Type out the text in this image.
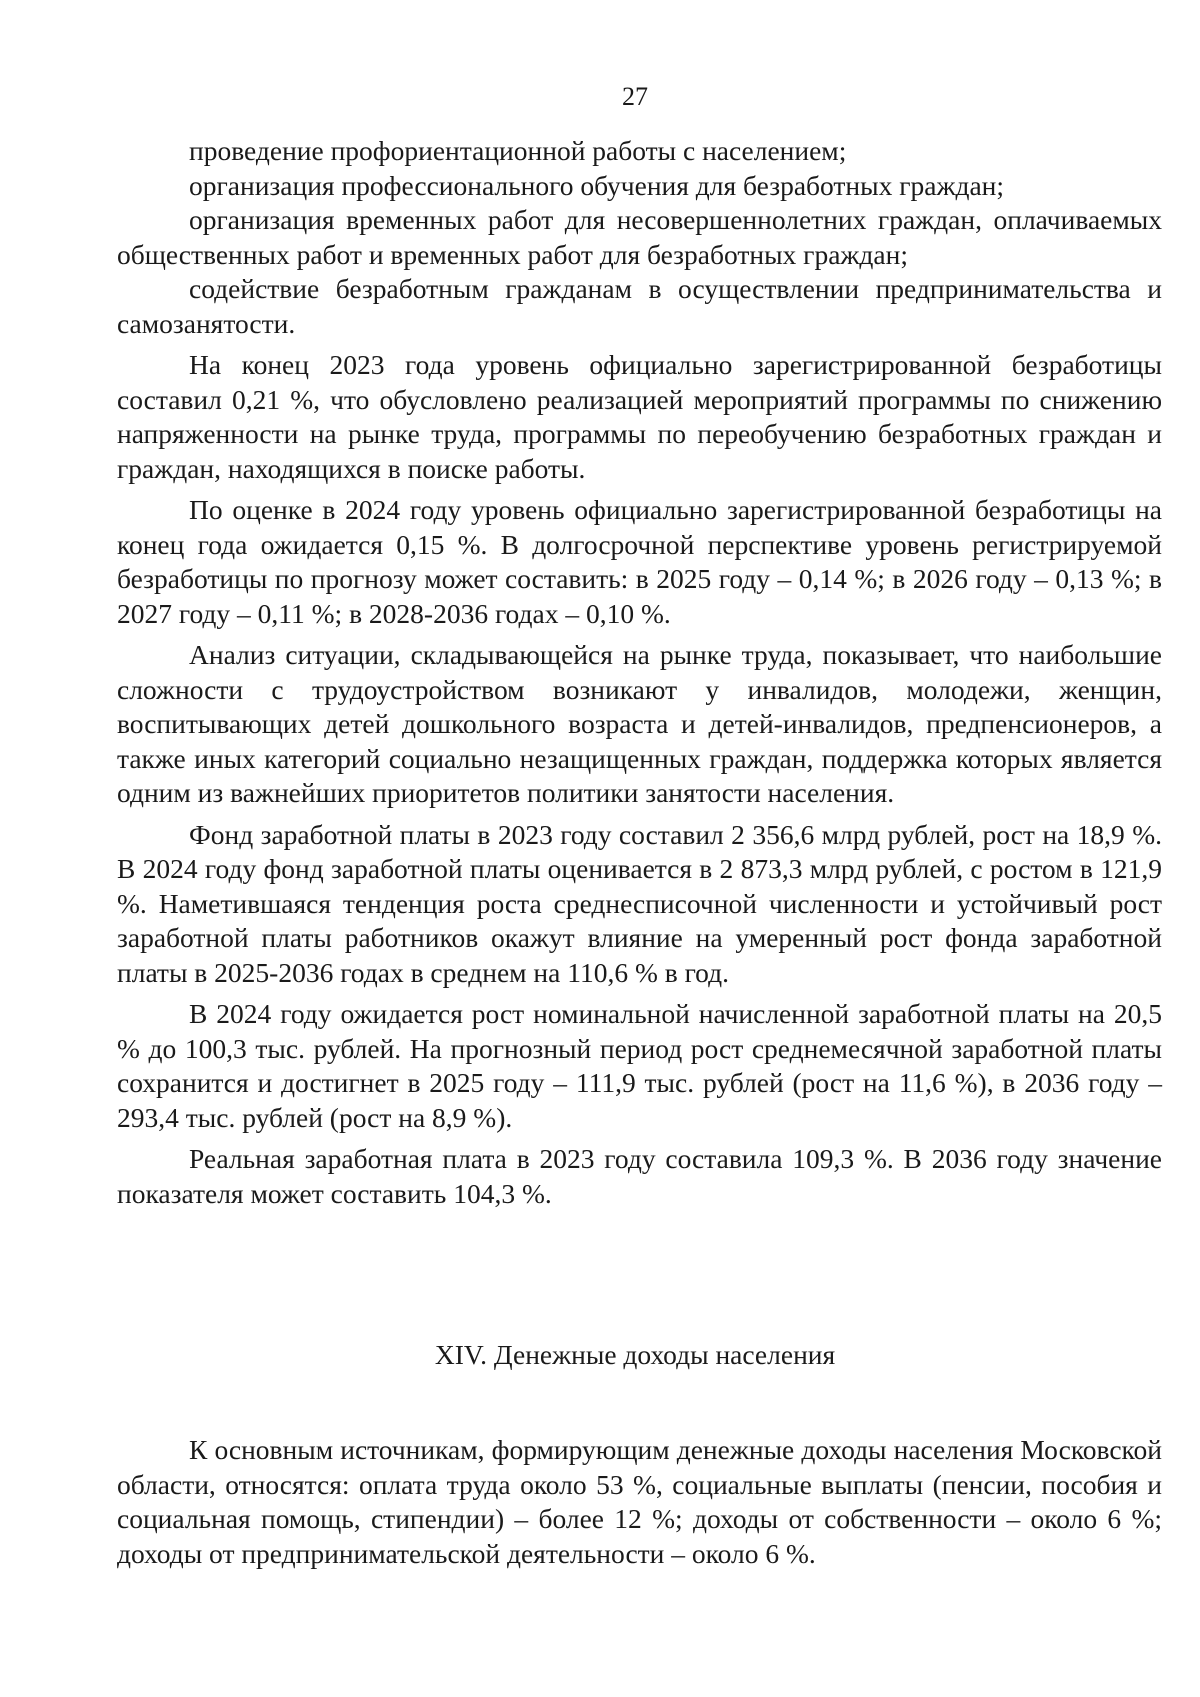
27

проведение профориентационной работы с населением;

организация профессионального обучения для безработных граждан;

организация временных работ для несовершеннолетних граждан, оплачиваемых общественных работ и временных работ для безработных граждан;

содействие безработным гражданам в осуществлении предпринимательства и самозанятости.

На конец 2023 года уровень официально зарегистрированной безработицы составил 0,21 %, что обусловлено реализацией мероприятий программы по снижению напряженности на рынке труда, программы по переобучению безработных граждан и граждан, находящихся в поиске работы.

По оценке в 2024 году уровень официально зарегистрированной безработицы на конец года ожидается 0,15 %. В долгосрочной перспективе уровень регистрируемой безработицы по прогнозу может составить: в 2025 году – 0,14 %; в 2026 году – 0,13 %; в 2027 году – 0,11 %; в 2028-2036 годах – 0,10 %.

Анализ ситуации, складывающейся на рынке труда, показывает, что наибольшие сложности с трудоустройством возникают у инвалидов, молодежи, женщин, воспитывающих детей дошкольного возраста и детей-инвалидов, предпенсионеров, а также иных категорий социально незащищенных граждан, поддержка которых является одним из важнейших приоритетов политики занятости населения.

Фонд заработной платы в 2023 году составил 2 356,6 млрд рублей, рост на 18,9 %. В 2024 году фонд заработной платы оценивается в 2 873,3 млрд рублей, с ростом в 121,9 %. Наметившаяся тенденция роста среднесписочной численности и устойчивый рост заработной платы работников окажут влияние на умеренный рост фонда заработной платы в 2025-2036 годах в среднем на 110,6 % в год.

В 2024 году ожидается рост номинальной начисленной заработной платы на 20,5 % до 100,3 тыс. рублей. На прогнозный период рост среднемесячной заработной платы сохранится и достигнет в 2025 году – 111,9 тыс. рублей (рост на 11,6 %), в 2036 году – 293,4 тыс. рублей (рост на 8,9 %).

Реальная заработная плата в 2023 году составила 109,3 %. В 2036 году значение показателя может составить 104,3 %.

XIV. Денежные доходы населения

К основным источникам, формирующим денежные доходы населения Московской области, относятся: оплата труда около 53 %, социальные выплаты (пенсии, пособия и социальная помощь, стипендии) – более 12 %; доходы от собственности – около 6 %; доходы от предпринимательской деятельности – около 6 %.
